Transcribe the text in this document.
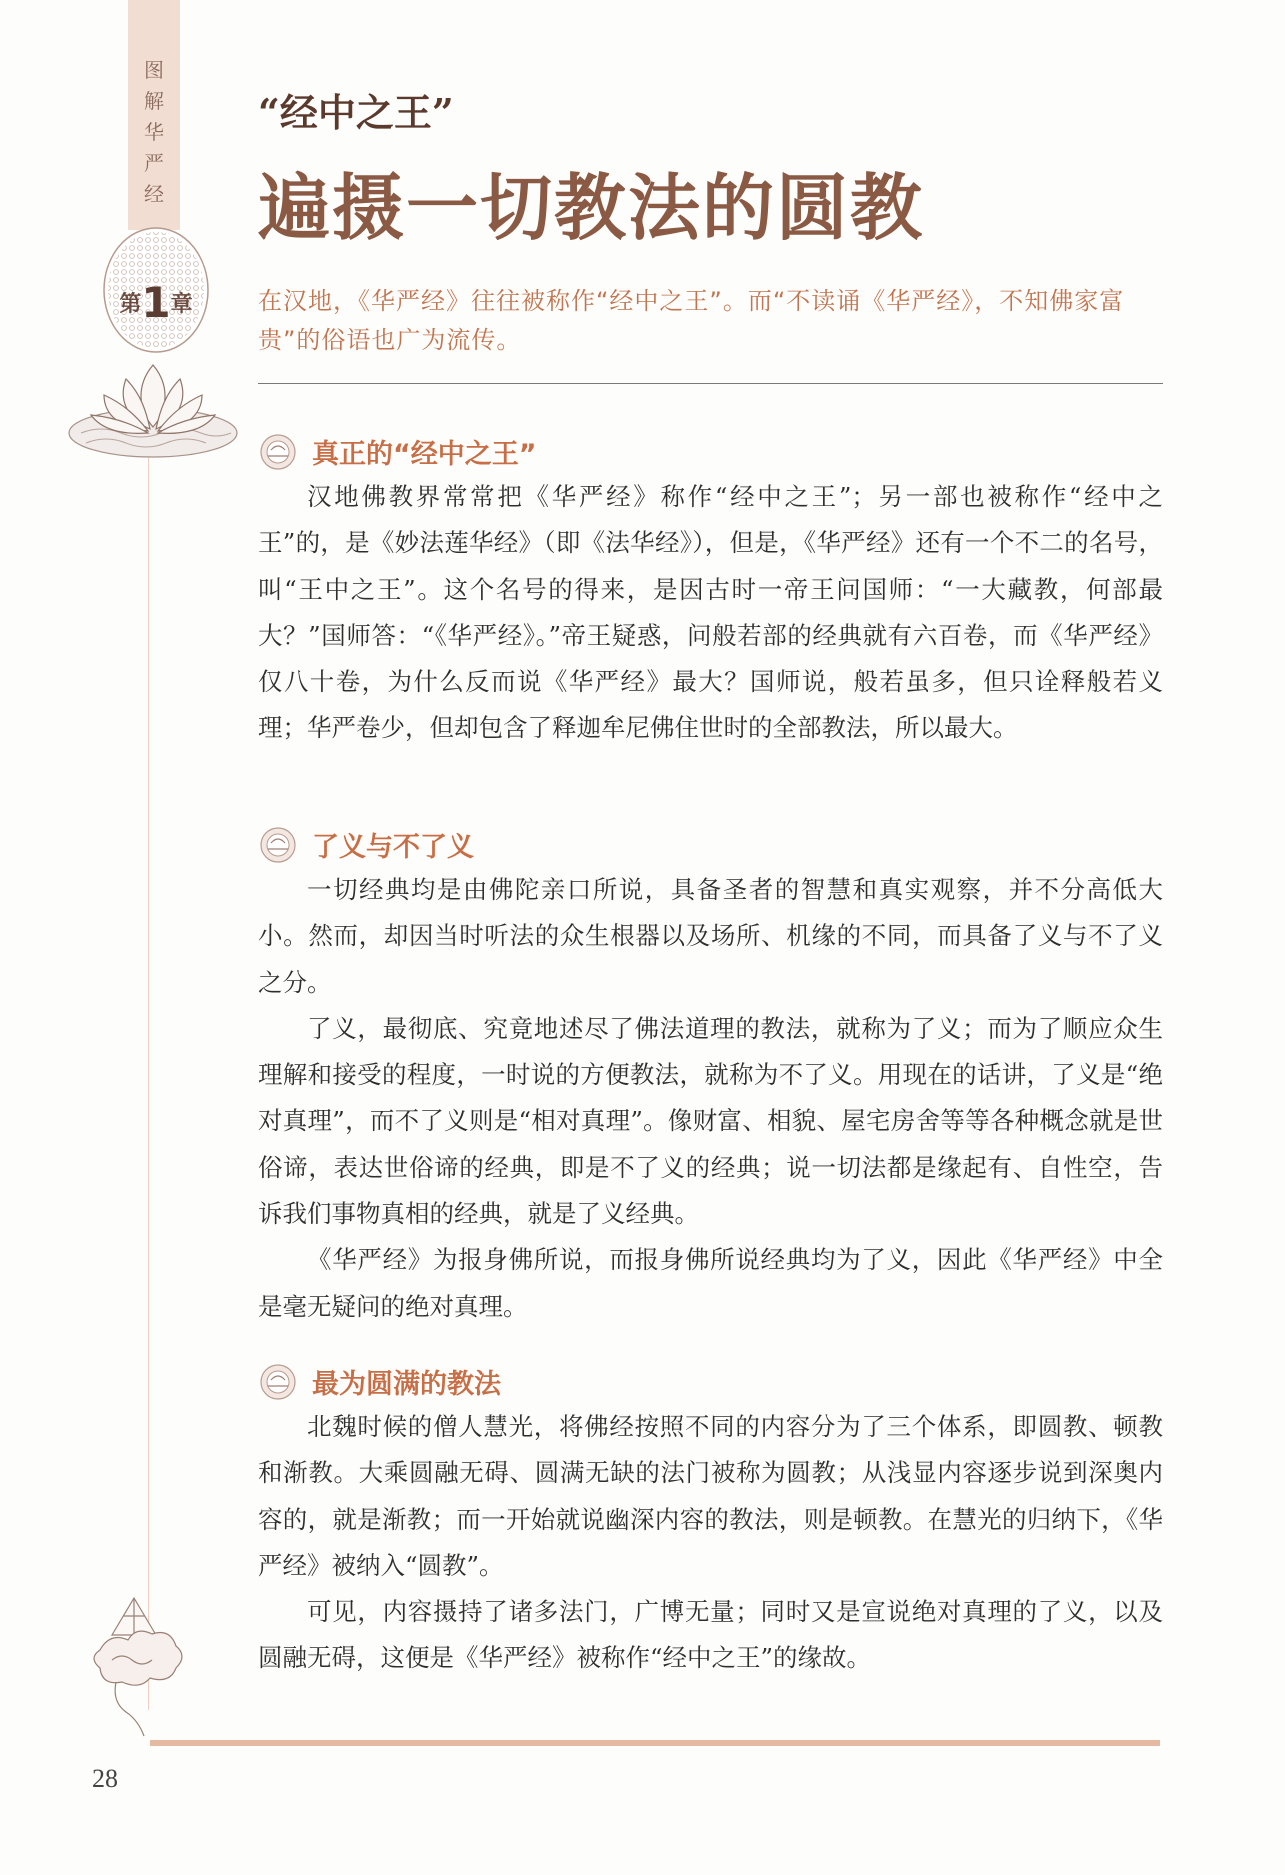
图解华严经
第1章
“经中之王”
遍摄一切教法的圆教
在汉地，《华严经》往往被称作“经中之王”。而“不读诵《华严经》，不知佛家富贵”的俗语也广为流传。
真正的“经中之王”

汉地佛教界常常把《华严经》称作“经中之王”；另一部也被称作“经中之王”的，是《妙法莲华经》（即《法华经》），但是，《华严经》还有一个不二的名号，叫“王中之王”。这个名号的得来，是因古时一帝王问国师：“一大藏教，何部最大？”国师答：“《华严经》。”帝王疑惑，问般若部的经典就有六百卷，而《华严经》仅八十卷，为什么反而说《华严经》最大？国师说，般若虽多，但只诠释般若义理；华严卷少，但却包含了释迦牟尼佛住世时的全部教法，所以最大。

了义与不了义

一切经典均是由佛陀亲口所说，具备圣者的智慧和真实观察，并不分高低大小。然而，却因当时听法的众生根器以及场所、机缘的不同，而具备了义与不了义之分。

了义，最彻底、究竟地述尽了佛法道理的教法，就称为了义；而为了顺应众生理解和接受的程度，一时说的方便教法，就称为不了义。用现在的话讲，了义是“绝对真理”，而不了义则是“相对真理”。像财富、相貌、屋宅房舍等等各种概念就是世俗谛，表达世俗谛的经典，即是不了义的经典；说一切法都是缘起有、自性空，告诉我们事物真相的经典，就是了义经典。

《华严经》为报身佛所说，而报身佛所说经典均为了义，因此《华严经》中全是毫无疑问的绝对真理。

最为圆满的教法

北魏时候的僧人慧光，将佛经按照不同的内容分为了三个体系，即圆教、顿教和渐教。大乘圆融无碍、圆满无缺的法门被称为圆教；从浅显内容逐步说到深奥内容的，就是渐教；而一开始就说幽深内容的教法，则是顿教。在慧光的归纳下，《华严经》被纳入“圆教”。

可见，内容摄持了诸多法门，广博无量；同时又是宣说绝对真理的了义，以及圆融无碍，这便是《华严经》被称作“经中之王”的缘故。

28
